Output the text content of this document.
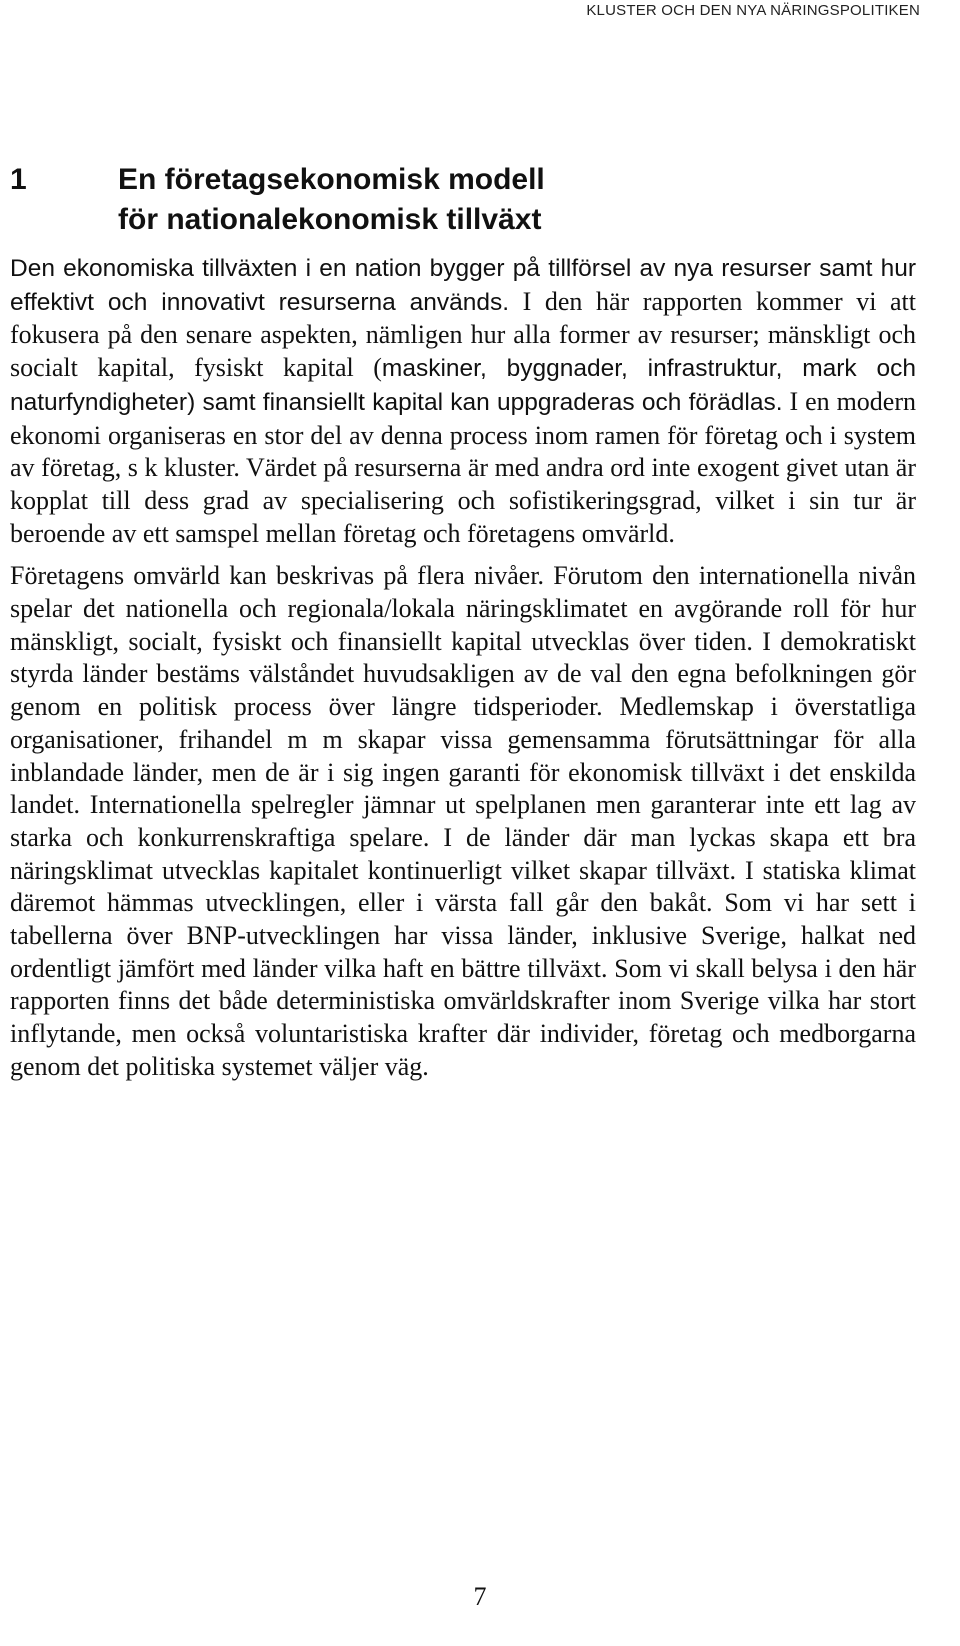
KLUSTER OCH DEN NYA NÄRINGSPOLITIKEN
1	En företagsekonomisk modell för nationalekonomisk tillväxt

Den ekonomiska tillväxten i en nation bygger på tillförsel av nya resurser samt hur effektivt och innovativt resurserna används. I den här rapporten kommer vi att fokusera på den senare aspekten, nämligen hur alla former av resurser; mänskligt och socialt kapital, fysiskt kapital (maskiner, byggnader, infrastruktur, mark och naturfyndigheter) samt finansiellt kapital kan uppgraderas och förädlas. I en modern ekonomi organiseras en stor del av denna process inom ramen för företag och i system av företag, s k kluster. Värdet på resurserna är med andra ord inte exogent givet utan är kopplat till dess grad av specialisering och sofistikeringsgrad, vilket i sin tur är beroende av ett samspel mellan företag och företagens omvärld.

Företagens omvärld kan beskrivas på flera nivåer. Förutom den internationella nivån spelar det nationella och regionala/lokala näringsklimatet en avgörande roll för hur mänskligt, socialt, fysiskt och finansiellt kapital utvecklas över tiden. I demokratiskt styrda länder bestäms välståndet huvudsakligen av de val den egna befolkningen gör genom en politisk process över längre tidsperioder. Medlemskap i överstatliga organisationer, frihandel m m skapar vissa gemensamma förutsättningar för alla inblandade länder, men de är i sig ingen garanti för ekonomisk tillväxt i det enskilda landet. Internationella spelregler jämnar ut spelplanen men garanterar inte ett lag av starka och konkurrenskraftiga spelare. I de länder där man lyckas skapa ett bra näringsklimat utvecklas kapitalet kontinuerligt vilket skapar tillväxt. I statiska klimat däremot hämmas utvecklingen, eller i värsta fall går den bakåt. Som vi har sett i tabellerna över BNP-utvecklingen har vissa länder, inklusive Sverige, halkat ned ordentligt jämfört med länder vilka haft en bättre tillväxt. Som vi skall belysa i den här rapporten finns det både deterministiska omvärldskrafter inom Sverige vilka har stort inflytande, men också voluntaristiska krafter där individer, företag och medborgarna genom det politiska systemet väljer väg.

7
